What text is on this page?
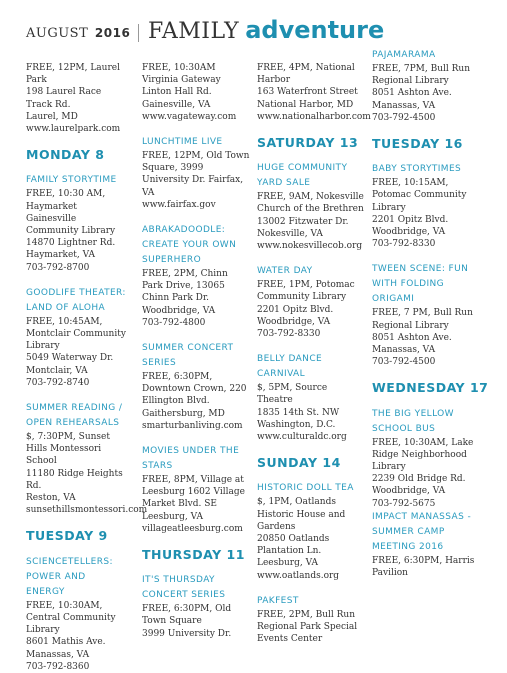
AUGUST 2016 FAMILY adventure
FREE, 12PM, Laurel Park
198 Laurel Race Track Rd.
Laurel, MD
www.laurelpark.com
MONDAY 8
FAMILY STORYTIME
FREE, 10:30 AM, Haymarket Gainesville Community Library
14870 Lightner Rd.
Haymarket, VA
703-792-8700
GOODLIFE THEATER: LAND OF ALOHA
FREE, 10:45AM, Montclair Community Library
5049 Waterway Dr.
Montclair, VA
703-792-8740
SUMMER READING / OPEN REHEARSALS
$, 7:30PM, Sunset Hills Montessori School
11180 Ridge Heights Rd.
Reston, VA
sunsethillsmontessori.com
TUESDAY 9
SCIENCETELLERS: POWER AND ENERGY
FREE, 10:30AM, Central Community Library
8601 Mathis Ave.
Manassas, VA
703-792-8360
FREE, 10:30AM
Virginia Gateway
Linton Hall Rd.
Gainesville, VA
www.vagateway.com
LUNCHTIME LIVE
FREE, 12PM, Old Town Square, 3999 University Dr. Fairfax, VA
www.fairfax.gov
ABRAKADOODLE: CREATE YOUR OWN SUPERHERO
FREE, 2PM, Chinn Park Drive, 13065 Chinn Park Dr. Woodbridge, VA
703-792-4800
SUMMER CONCERT SERIES
FREE, 6:30PM, Downtown Crown, 220 Ellington Blvd. Gaithersburg, MD
smarturbanliving.com
MOVIES UNDER THE STARS
FREE, 8PM, Village at Leesburg 1602 Village Market Blvd. SE Leesburg, VA
villageatleesburg.com
THURSDAY 11
IT'S THURSDAY CONCERT SERIES
FREE, 6:30PM, Old Town Square
3999 University Dr.
FREE, 4PM, National Harbor
163 Waterfront Street
National Harbor, MD
www.nationalharbor.com
SATURDAY 13
HUGE COMMUNITY YARD SALE
FREE, 9AM, Nokesville Church of the Brethren
13002 Fitzwater Dr.
Nokesville, VA
www.nokesvillecob.org
WATER DAY
FREE, 1PM, Potomac Community Library
2201 Opitz Blvd.
Woodbridge, VA
703-792-8330
BELLY DANCE CARNIVAL
$, 5PM, Source Theatre
1835 14th St. NW
Washington, D.C.
www.culturaldc.org
SUNDAY 14
HISTORIC DOLL TEA
$, 1PM, Oatlands Historic House and Gardens
20850 Oatlands Plantation Ln.
Leesburg, VA
www.oatlands.org
PAKFEST
FREE, 2PM, Bull Run Regional Park Special Events Center
PAJAMARAMA
FREE, 7PM, Bull Run Regional Library
8051 Ashton Ave.
Manassas, VA
703-792-4500
TUESDAY 16
BABY STORYTIMES
FREE, 10:15AM, Potomac Community Library
2201 Opitz Blvd.
Woodbridge, VA
703-792-8330
TWEEN SCENE: FUN WITH FOLDING ORIGAMI
FREE, 7 PM, Bull Run Regional Library
8051 Ashton Ave.
Manassas, VA
703-792-4500
WEDNESDAY 17
THE BIG YELLOW SCHOOL BUS
FREE, 10:30AM, Lake Ridge Neighborhood Library
2239 Old Bridge Rd.
Woodbridge, VA
703-792-5675
IMPACT MANASSAS - SUMMER CAMP MEETING 2016
FREE, 6:30PM, Harris Pavilion
